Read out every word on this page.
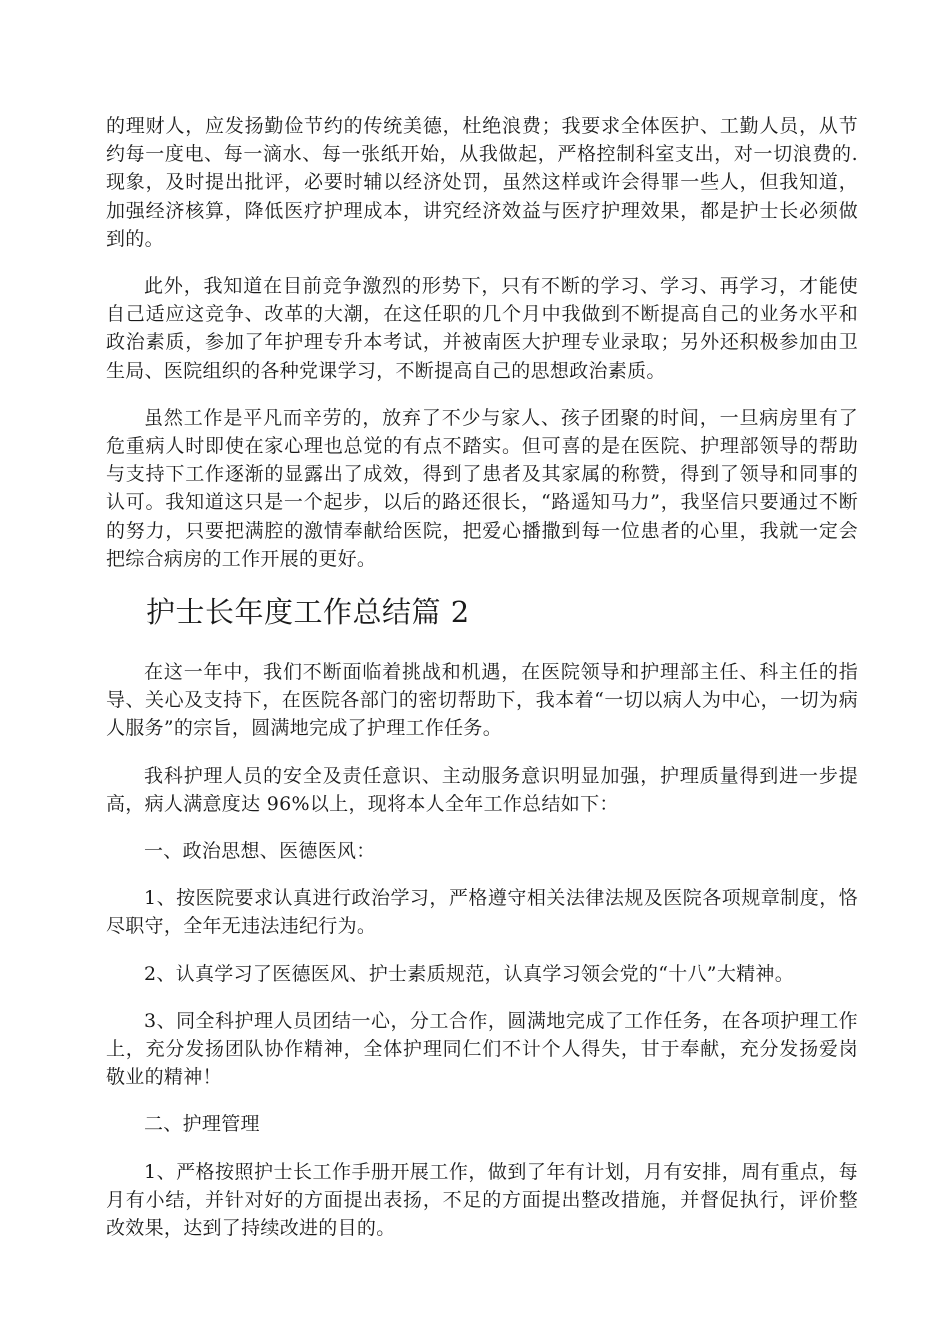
的理财人，应发扬勤俭节约的传统美德，杜绝浪费；我要求全体医护、工勤人员，从节约每一度电、每一滴水、每一张纸开始，从我做起，严格控制科室支出，对一切浪费的.现象，及时提出批评，必要时辅以经济处罚，虽然这样或许会得罪一些人，但我知道，加强经济核算，降低医疗护理成本，讲究经济效益与医疗护理效果，都是护士长必须做到的。

此外，我知道在目前竞争激烈的形势下，只有不断的学习、学习、再学习，才能使自己适应这竞争、改革的大潮，在这任职的几个月中我做到不断提高自己的业务水平和政治素质，参加了年护理专升本考试，并被南医大护理专业录取；另外还积极参加由卫生局、医院组织的各种党课学习，不断提高自己的思想政治素质。

虽然工作是平凡而辛劳的，放弃了不少与家人、孩子团聚的时间，一旦病房里有了危重病人时即使在家心理也总觉的有点不踏实。但可喜的是在医院、护理部领导的帮助与支持下工作逐渐的显露出了成效，得到了患者及其家属的称赞，得到了领导和同事的认可。我知道这只是一个起步，以后的路还很长，“路遥知马力”，我坚信只要通过不断的努力，只要把满腔的激情奉献给医院，把爱心播撒到每一位患者的心里，我就一定会把综合病房的工作开展的更好。

护士长年度工作总结篇 2

在这一年中，我们不断面临着挑战和机遇，在医院领导和护理部主任、科主任的指导、关心及支持下，在医院各部门的密切帮助下，我本着“一切以病人为中心，一切为病人服务”的宗旨，圆满地完成了护理工作任务。

我科护理人员的安全及责任意识、主动服务意识明显加强，护理质量得到进一步提高，病人满意度达 96%以上，现将本人全年工作总结如下：

一、政治思想、医德医风：

1、按医院要求认真进行政治学习，严格遵守相关法律法规及医院各项规章制度，恪尽职守，全年无违法违纪行为。

2、认真学习了医德医风、护士素质规范，认真学习领会党的“十八”大精神。

3、同全科护理人员团结一心，分工合作，圆满地完成了工作任务，在各项护理工作上，充分发扬团队协作精神，全体护理同仁们不计个人得失，甘于奉献，充分发扬爱岗敬业的精神！

二、护理管理

1、严格按照护士长工作手册开展工作，做到了年有计划，月有安排，周有重点，每月有小结，并针对好的方面提出表扬，不足的方面提出整改措施，并督促执行，评价整改效果，达到了持续改进的目的。
